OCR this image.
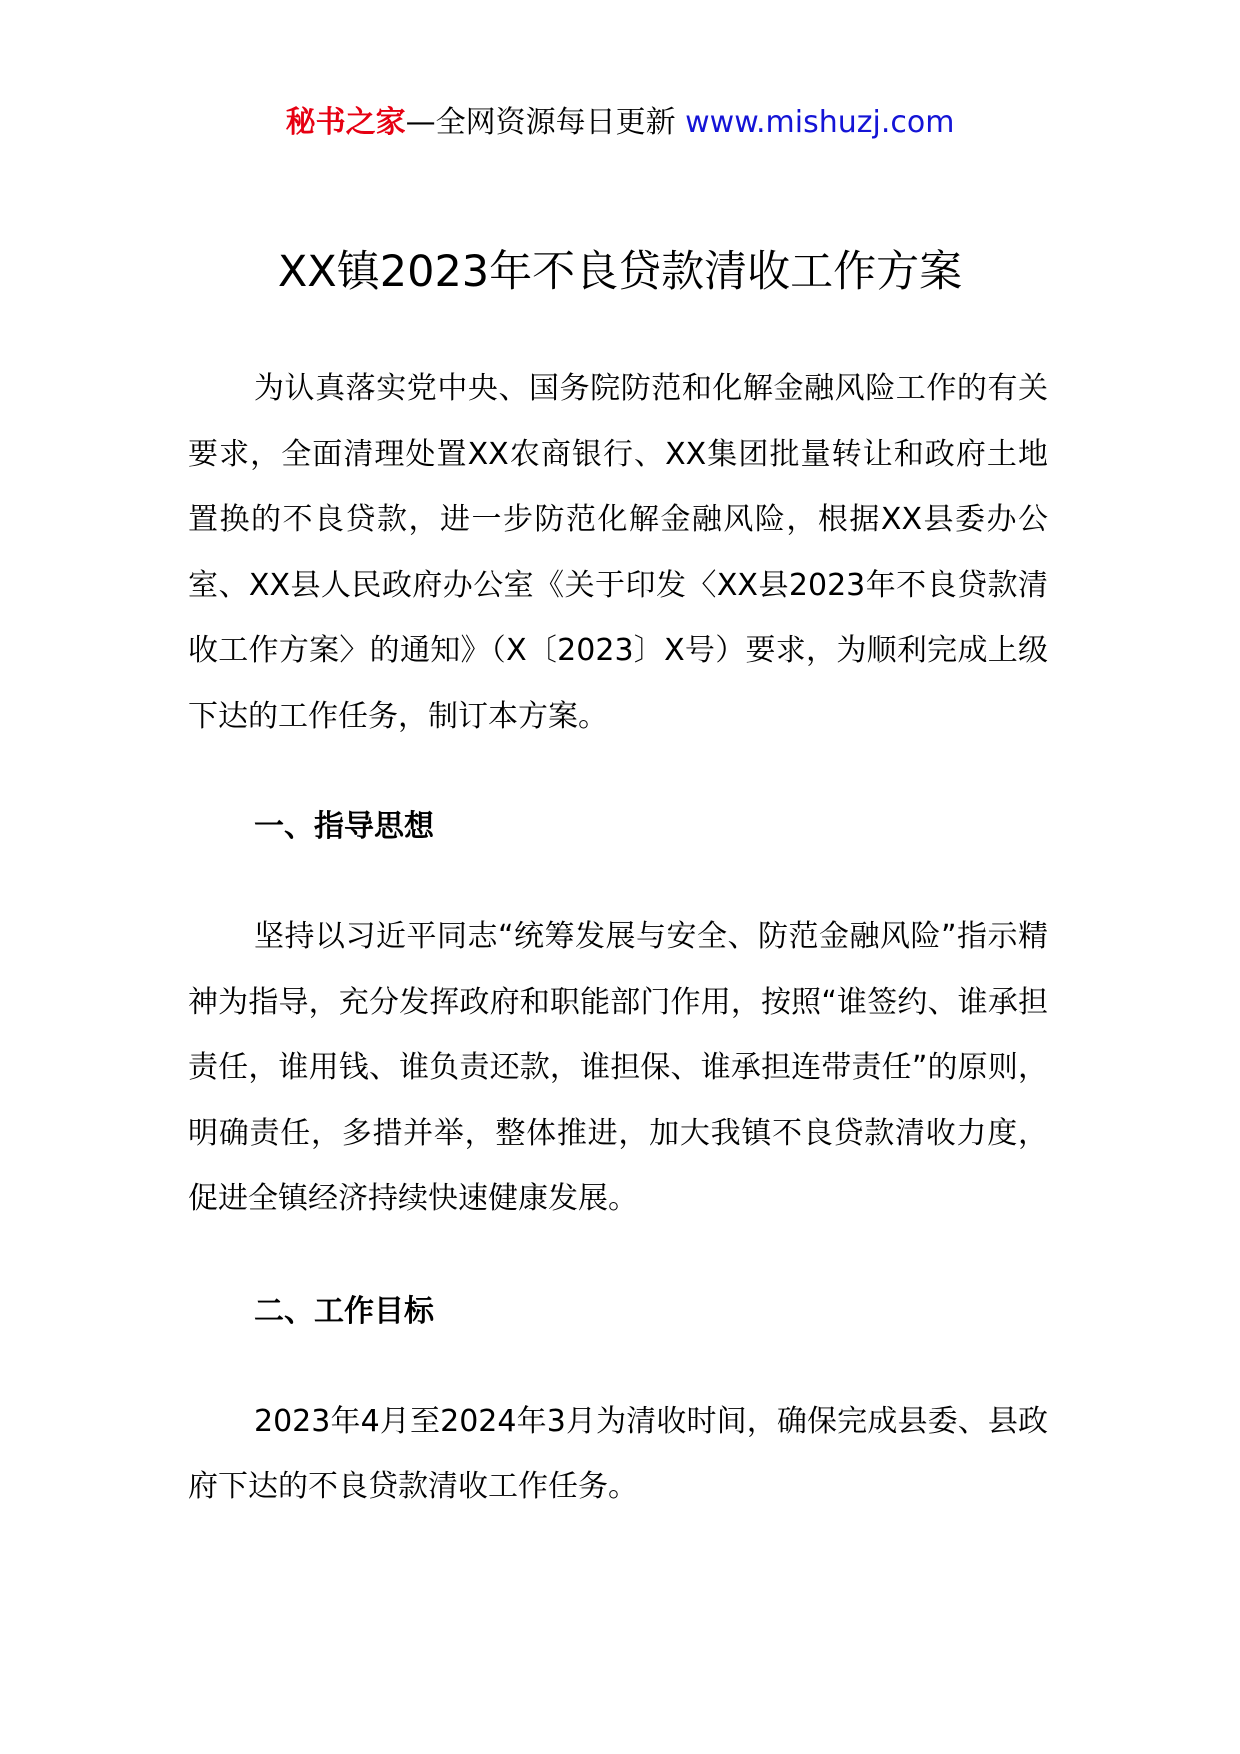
秘书之家—全网资源每日更新 www.mishuzj.com
XX镇2023年不良贷款清收工作方案

为认真落实党中央、国务院防范和化解金融风险工作的有关要求，全面清理处置XX农商银行、XX集团批量转让和政府土地置换的不良贷款，进一步防范化解金融风险，根据XX县委办公室、XX县人民政府办公室《关于印发〈XX县2023年不良贷款清收工作方案〉的通知》（X〔2023〕X号）要求，为顺利完成上级下达的工作任务，制订本方案。

一、指导思想

坚持以习近平同志“统筹发展与安全、防范金融风险”指示精神为指导，充分发挥政府和职能部门作用，按照“谁签约、谁承担责任，谁用钱、谁负责还款，谁担保、谁承担连带责任”的原则，明确责任，多措并举，整体推进，加大我镇不良贷款清收力度，促进全镇经济持续快速健康发展。

二、工作目标

2023年4月至2024年3月为清收时间，确保完成县委、县政府下达的不良贷款清收工作任务。
